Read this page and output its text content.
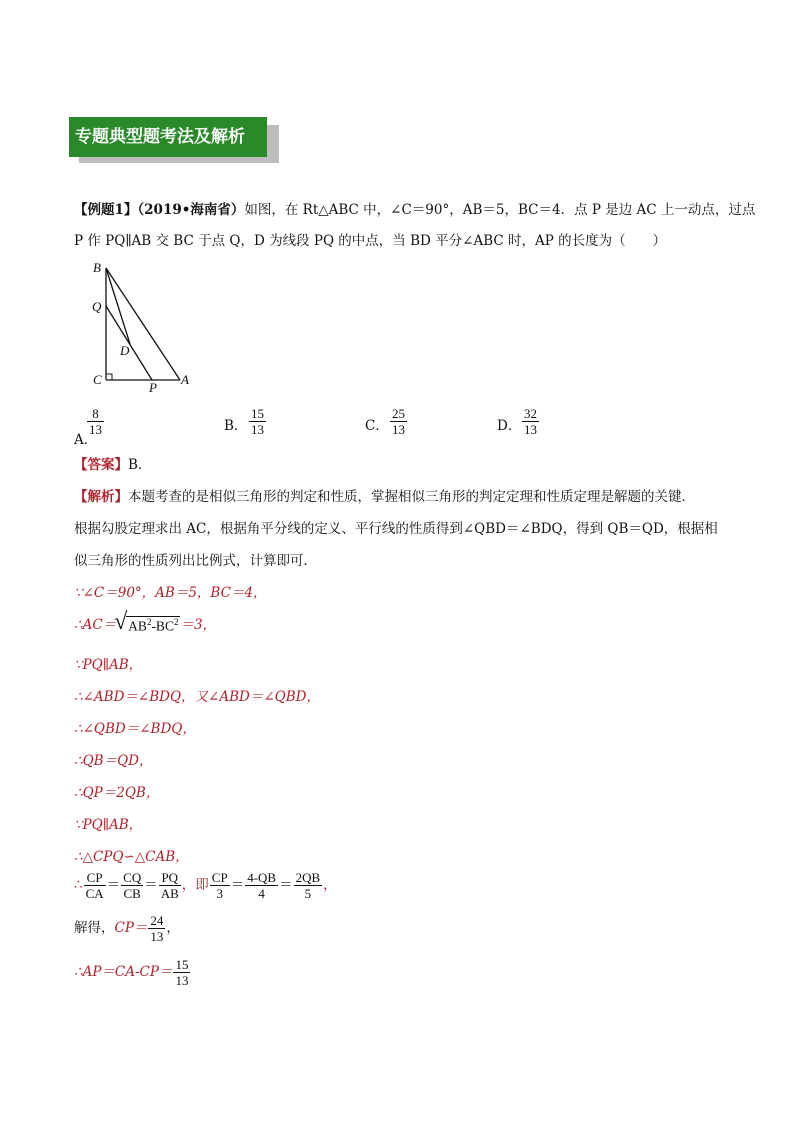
专题典型题考法及解析
【例题1】（2019•海南省）如图，在 Rt△ABC 中，∠C＝90°，AB＝5，BC＝4．点 P 是边 AC 上一动点，过点
P 作 PQ∥AB 交 BC 于点 Q，D 为线段 PQ 的中点，当 BD 平分∠ABC 时，AP 的长度为（　　）
B
Q
D
C
P
A
A．
$\frac{8}{13}$	B． $\frac{15}{13}$	C． $\frac{25}{13}$	D． $\frac{32}{13}$
【答案】B．
【解析】本题考查的是相似三角形的判定和性质，掌握相似三角形的判定定理和性质定理是解题的关键．
根据勾股定理求出 AC，根据角平分线的定义、平行线的性质得到∠QBD＝∠BDQ，得到 QB＝QD，根据相
似三角形的性质列出比例式，计算即可．
∵∠C＝90°，AB＝5，BC＝4，
∴AC＝
√ $AB^2-BC^2 =3$，
∵PQ∥AB，
∴∠ABD＝∠BDQ，又∠ABD＝∠QBD，
∴∠QBD＝∠BDQ，
∴QB＝QD，
∴QP＝2QB，
∵PQ∥AB，
∴△CPQ∽△CAB，
∴ $\frac{CP}{CA} = \frac{CQ}{CB} = \frac{PQ}{AB}$ ，即 $\frac{CP}{3} = \frac{4-QB}{4} = \frac{2QB}{5}$ ，
解得，$CP= \frac{24}{13}$ ，
∴AP＝CA-CP＝ $\frac{15}{13}$
